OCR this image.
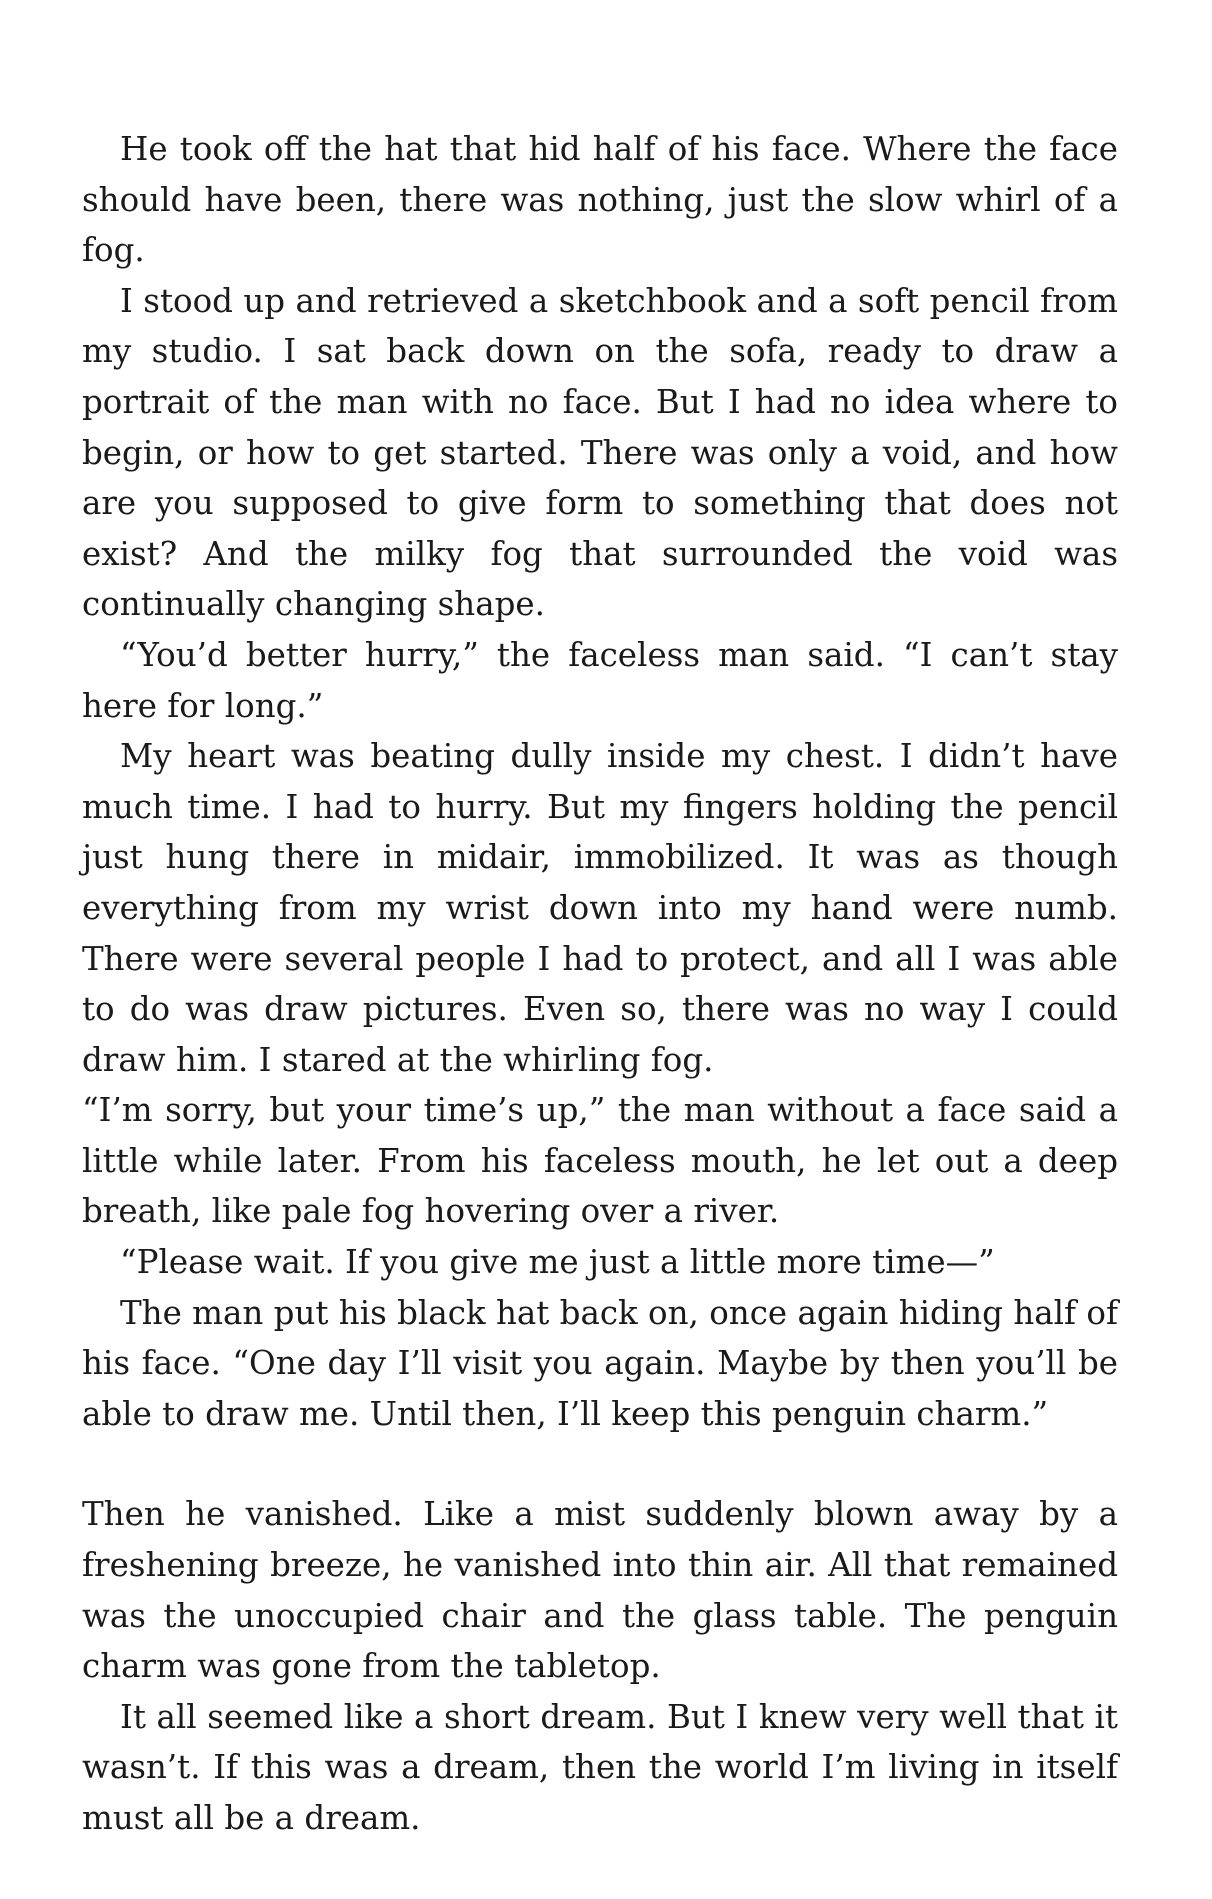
He took off the hat that hid half of his face. Where the face should have been, there was nothing, just the slow whirl of a fog.

I stood up and retrieved a sketchbook and a soft pencil from my studio. I sat back down on the sofa, ready to draw a portrait of the man with no face. But I had no idea where to begin, or how to get started. There was only a void, and how are you supposed to give form to something that does not exist? And the milky fog that surrounded the void was continually changing shape.

“You’d better hurry,” the faceless man said. “I can’t stay here for long.”

My heart was beating dully inside my chest. I didn’t have much time. I had to hurry. But my fingers holding the pencil just hung there in midair, immobilized. It was as though everything from my wrist down into my hand were numb. There were several people I had to protect, and all I was able to do was draw pictures. Even so, there was no way I could draw him. I stared at the whirling fog.

“I’m sorry, but your time’s up,” the man without a face said a little while later. From his faceless mouth, he let out a deep breath, like pale fog hovering over a river.

“Please wait. If you give me just a little more time—”

The man put his black hat back on, once again hiding half of his face. “One day I’ll visit you again. Maybe by then you’ll be able to draw me. Until then, I’ll keep this penguin charm.”

Then he vanished. Like a mist suddenly blown away by a freshening breeze, he vanished into thin air. All that remained was the unoccupied chair and the glass table. The penguin charm was gone from the tabletop.

It all seemed like a short dream. But I knew very well that it wasn’t. If this was a dream, then the world I’m living in itself must all be a dream.
